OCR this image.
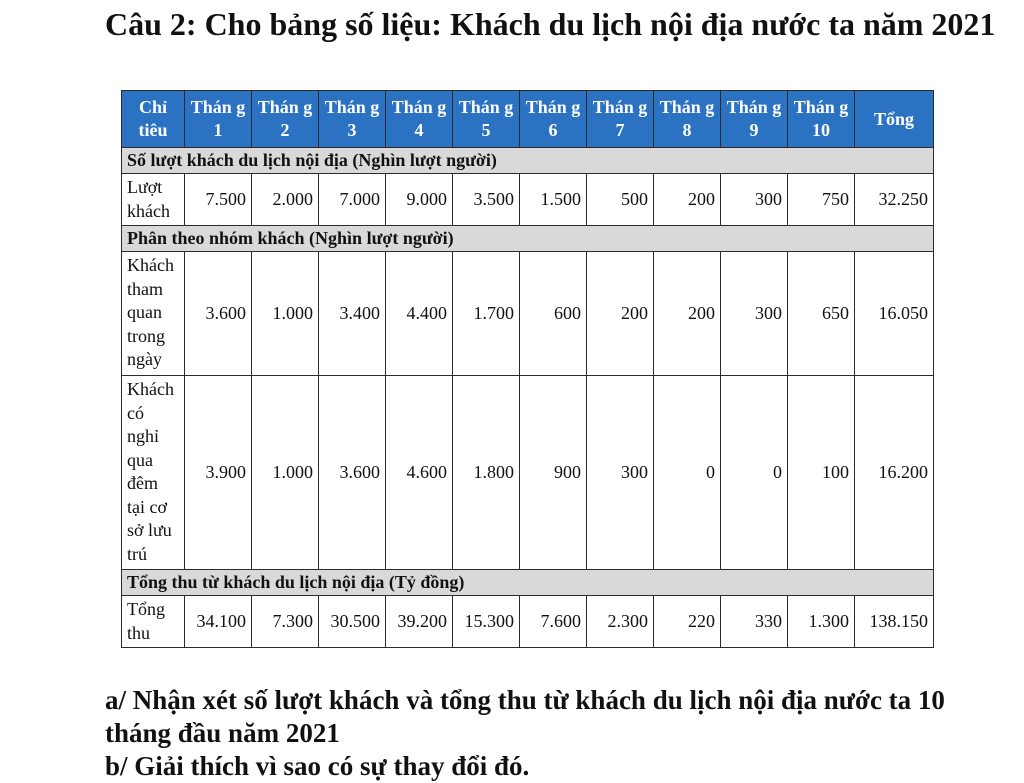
Câu 2: Cho bảng số liệu: Khách du lịch nội địa nước ta năm 2021
Chỉ tiêu	Thán g 1	Thán g 2	Thán g 3	Thán g 4	Thán g 5	Thán g 6	Thán g 7	Thán g 8	Thán g 9	Thán g 10	Tổng
Số lượt khách du lịch nội địa (Nghìn lượt người)											
Lượt khách	7.500	2.000	7.000	9.000	3.500	1.500	500	200	300	750	32.250
Phân theo nhóm khách (Nghìn lượt người)											
Khách tham quan trong ngày	3.600	1.000	3.400	4.400	1.700	600	200	200	300	650	16.050
Khách có nghỉ qua đêm tại cơ sở lưu trú	3.900	1.000	3.600	4.600	1.800	900	300	0	0	100	16.200
Tổng thu từ khách du lịch nội địa (Tỷ đồng)											
Tổng thu	34.100	7.300	30.500	39.200	15.300	7.600	2.300	220	330	1.300	138.150

a/ Nhận xét số lượt khách và tổng thu từ khách du lịch nội địa nước ta 10 tháng đầu năm 2021

b/ Giải thích vì sao có sự thay đổi đó.
